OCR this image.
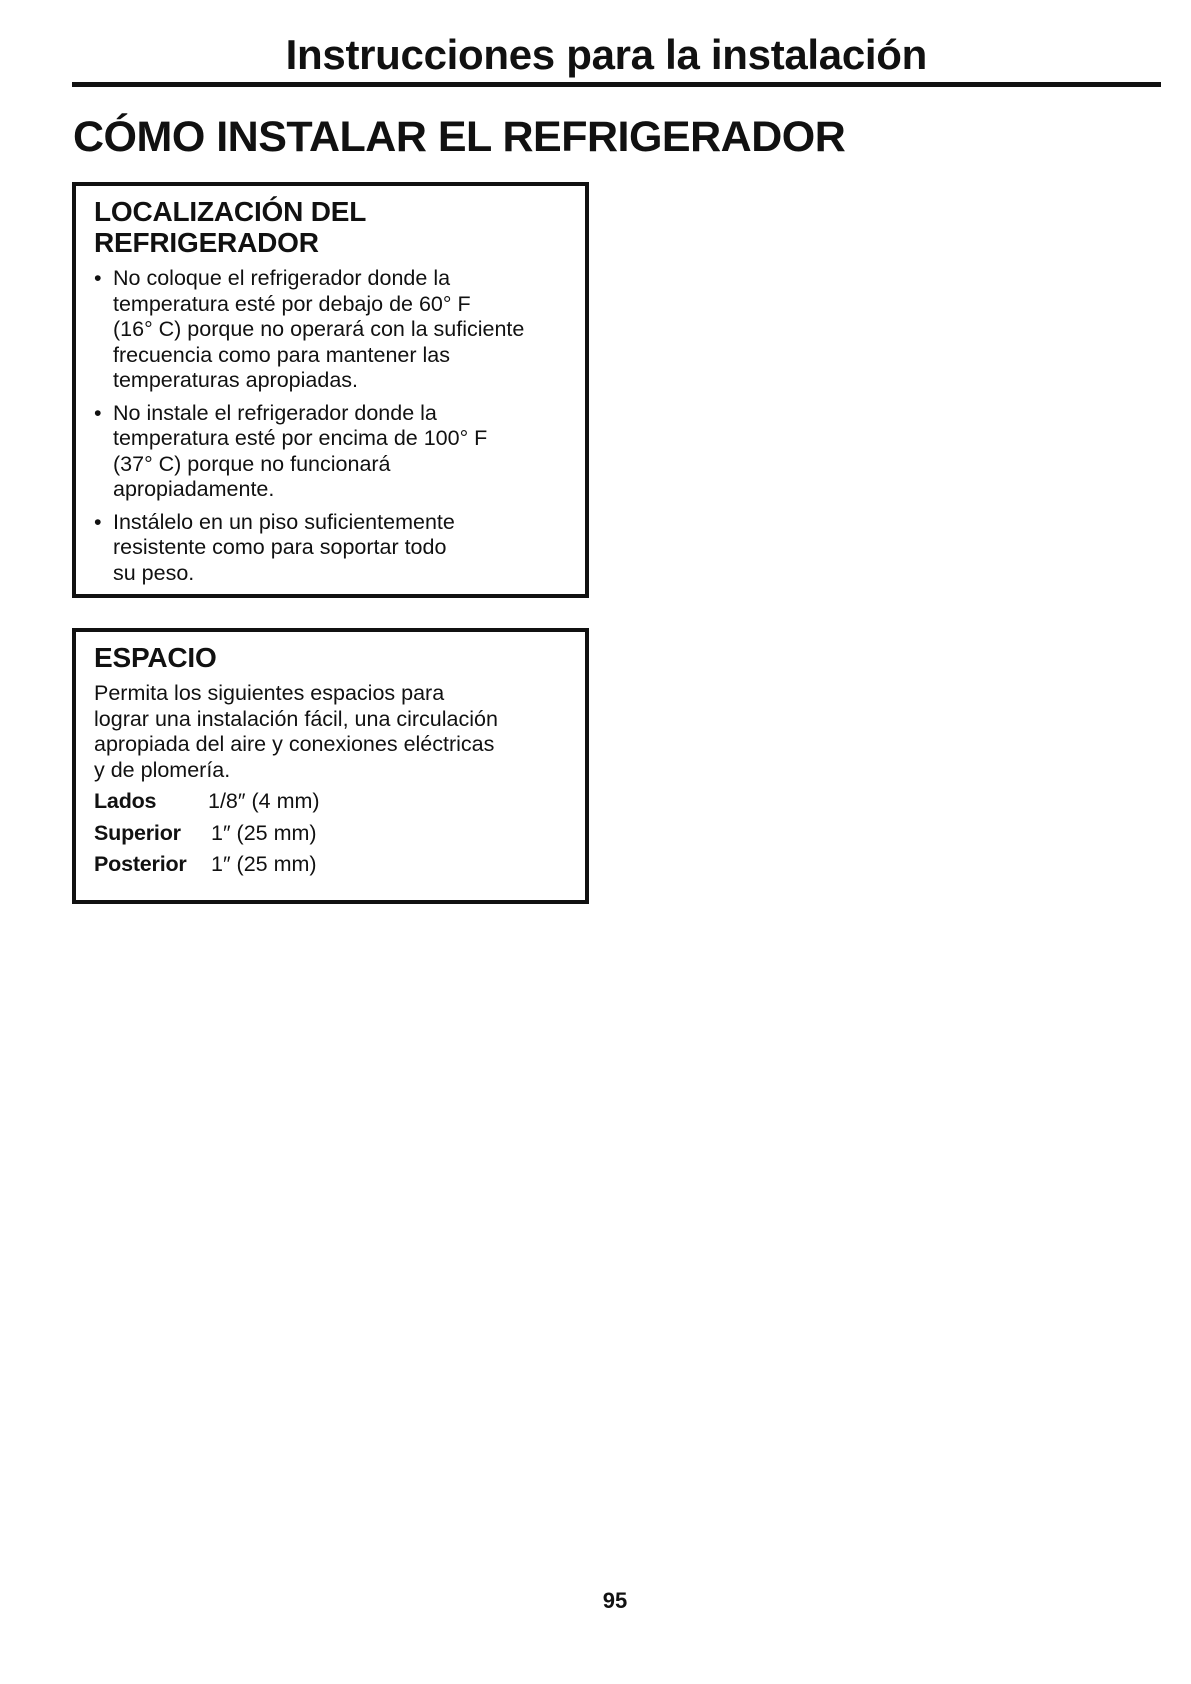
Instrucciones para la instalación
CÓMO INSTALAR EL REFRIGERADOR
LOCALIZACIÓN DEL
REFRIGERADOR
• No coloque el refrigerador donde la
temperatura esté por debajo de 60° F
(16° C) porque no operará con la suficiente
frecuencia como para mantener las
temperaturas apropiadas.
• No instale el refrigerador donde la
temperatura esté por encima de 100° F
(37° C) porque no funcionará
apropiadamente.
• Instálelo en un piso suficientemente
resistente como para soportar todo
su peso.
ESPACIO

Permita los siguientes espacios para
lograr una instalación fácil, una circulación
apropiada del aire y conexiones eléctricas
y de plomería.

Lados	1/8″ (4 mm)
Superior	1″ (25 mm)
Posterior	1″ (25 mm)
95
